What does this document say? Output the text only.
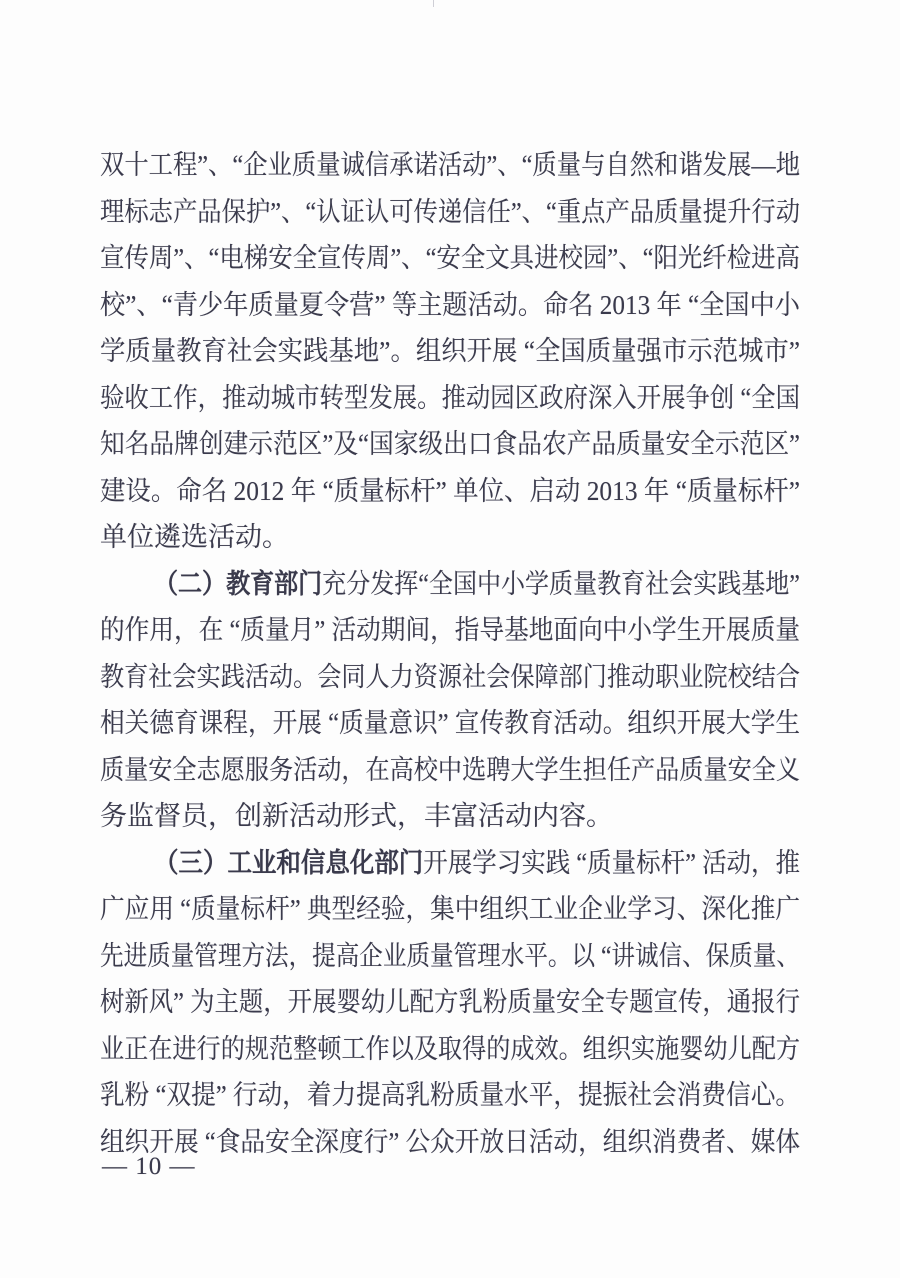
双十工程”、“企业质量诚信承诺活动”、“质量与自然和谐发展—地
理标志产品保护”、“认证认可传递信任”、“重点产品质量提升行动
宣传周”、“电梯安全宣传周”、“安全文具进校园”、“阳光纤检进高
校”、“青少年质量夏令营” 等主题活动。命名 2013 年 “全国中小
学质量教育社会实践基地”。组织开展 “全国质量强市示范城市”
验收工作，推动城市转型发展。推动园区政府深入开展争创 “全国
知名品牌创建示范区”及“国家级出口食品农产品质量安全示范区”
建设。命名 2012 年 “质量标杆” 单位、启动 2013 年 “质量标杆”
单位遴选活动。
（二）教育部门充分发挥“全国中小学质量教育社会实践基地”
的作用，在 “质量月” 活动期间，指导基地面向中小学生开展质量
教育社会实践活动。会同人力资源社会保障部门推动职业院校结合
相关德育课程，开展 “质量意识” 宣传教育活动。组织开展大学生
质量安全志愿服务活动，在高校中选聘大学生担任产品质量安全义
务监督员，创新活动形式，丰富活动内容。
（三）工业和信息化部门开展学习实践 “质量标杆” 活动，推
广应用 “质量标杆” 典型经验，集中组织工业企业学习、深化推广
先进质量管理方法，提高企业质量管理水平。以 “讲诚信、保质量、
树新风” 为主题，开展婴幼儿配方乳粉质量安全专题宣传，通报行
业正在进行的规范整顿工作以及取得的成效。组织实施婴幼儿配方
乳粉 “双提” 行动，着力提高乳粉质量水平，提振社会消费信心。
组织开展 “食品安全深度行” 公众开放日活动，组织消费者、媒体
— 10 —
